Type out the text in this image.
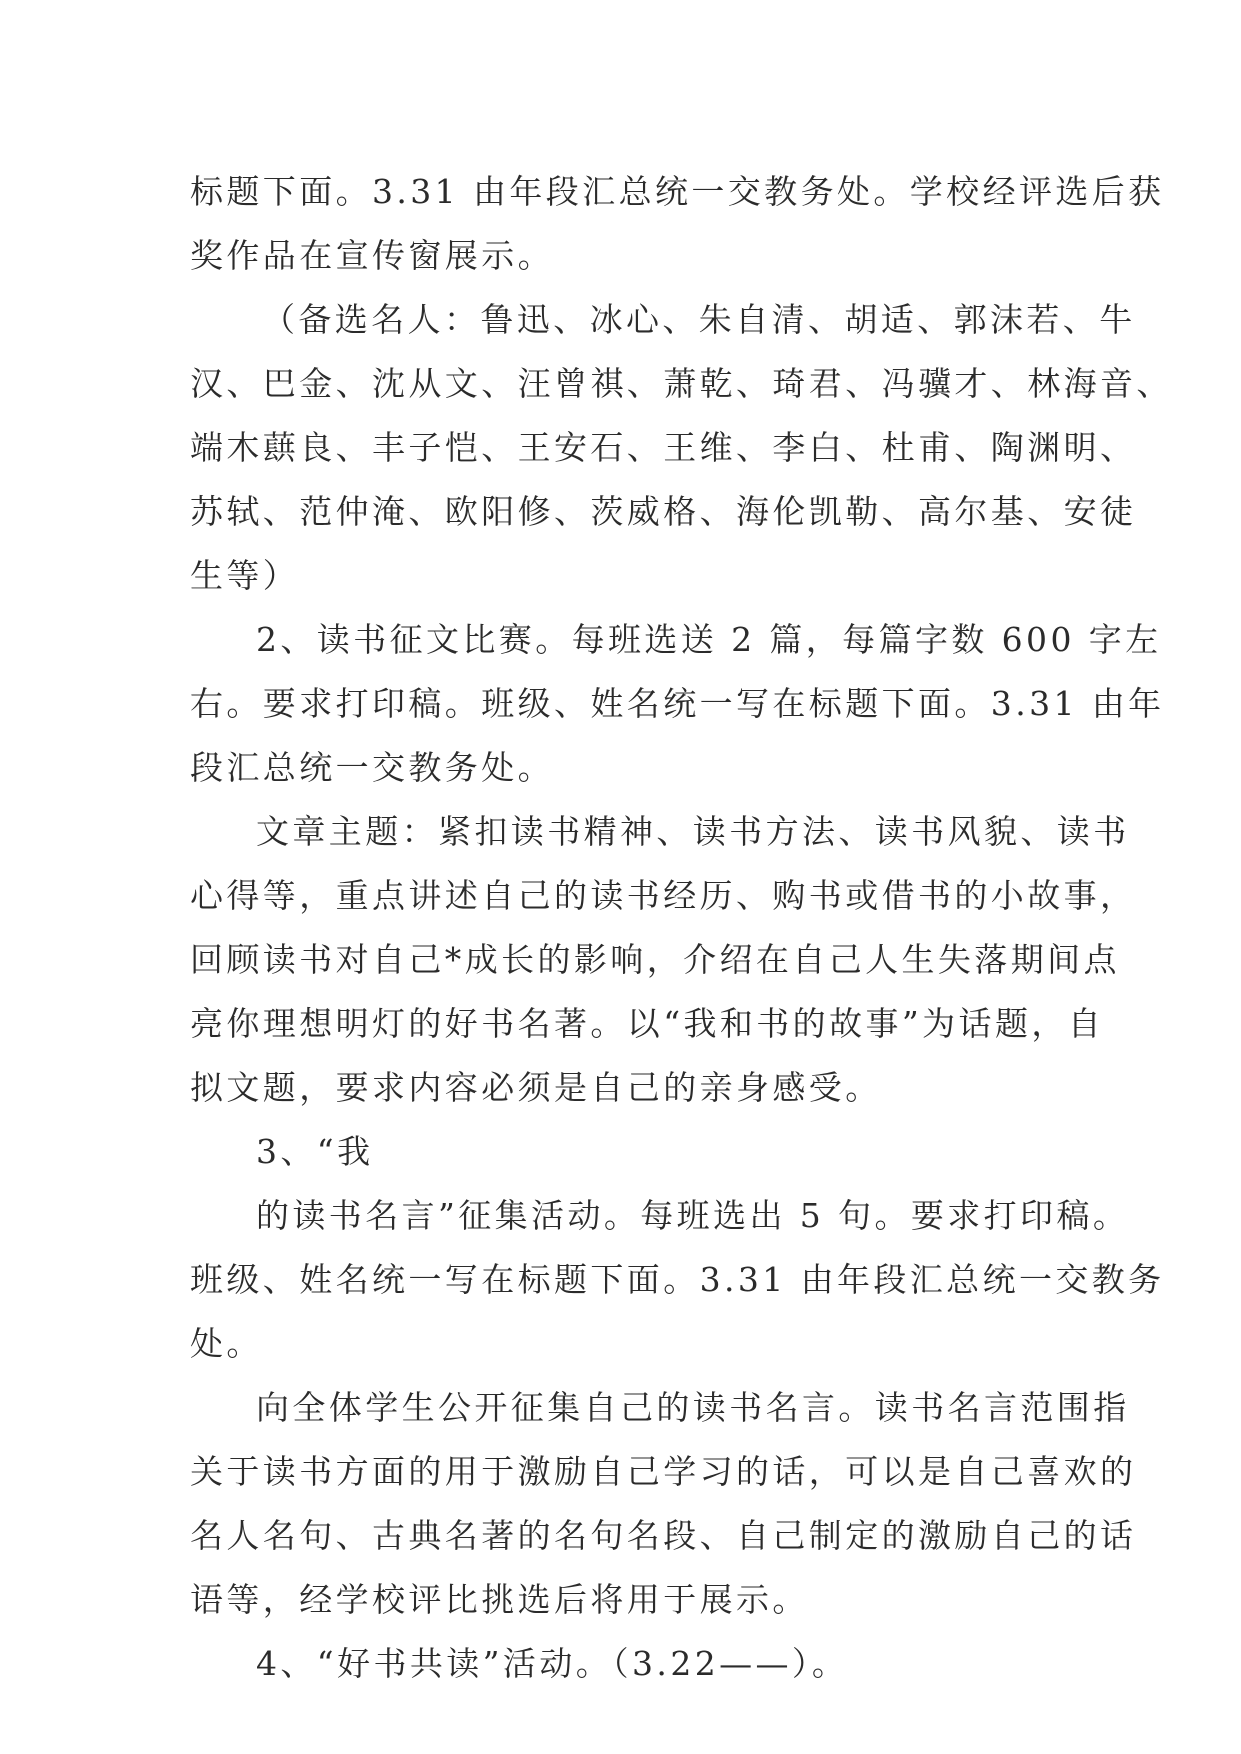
标题下面。3.31 由年段汇总统一交教务处。学校经评选后获
奖作品在宣传窗展示。
（备选名人：鲁迅、冰心、朱自清、胡适、郭沫若、牛
汉、巴金、沈从文、汪曾祺、萧乾、琦君、冯骥才、林海音、
端木蕻良、丰子恺、王安石、王维、李白、杜甫、陶渊明、
苏轼、范仲淹、欧阳修、茨威格、海伦凯勒、高尔基、安徒
生等）
2、读书征文比赛。每班选送 2 篇，每篇字数 600 字左
右。要求打印稿。班级、姓名统一写在标题下面。3.31 由年
段汇总统一交教务处。
文章主题：紧扣读书精神、读书方法、读书风貌、读书
心得等，重点讲述自己的读书经历、购书或借书的小故事，
回顾读书对自己*成长的影响，介绍在自己人生失落期间点
亮你理想明灯的好书名著。以“我和书的故事”为话题，自
拟文题，要求内容必须是自己的亲身感受。
3、“我
的读书名言”征集活动。每班选出 5 句。要求打印稿。
班级、姓名统一写在标题下面。3.31 由年段汇总统一交教务
处。
向全体学生公开征集自己的读书名言。读书名言范围指
关于读书方面的用于激励自己学习的话，可以是自己喜欢的
名人名句、古典名著的名句名段、自己制定的激励自己的话
语等，经学校评比挑选后将用于展示。
4、“好书共读”活动。（3.22——）。
